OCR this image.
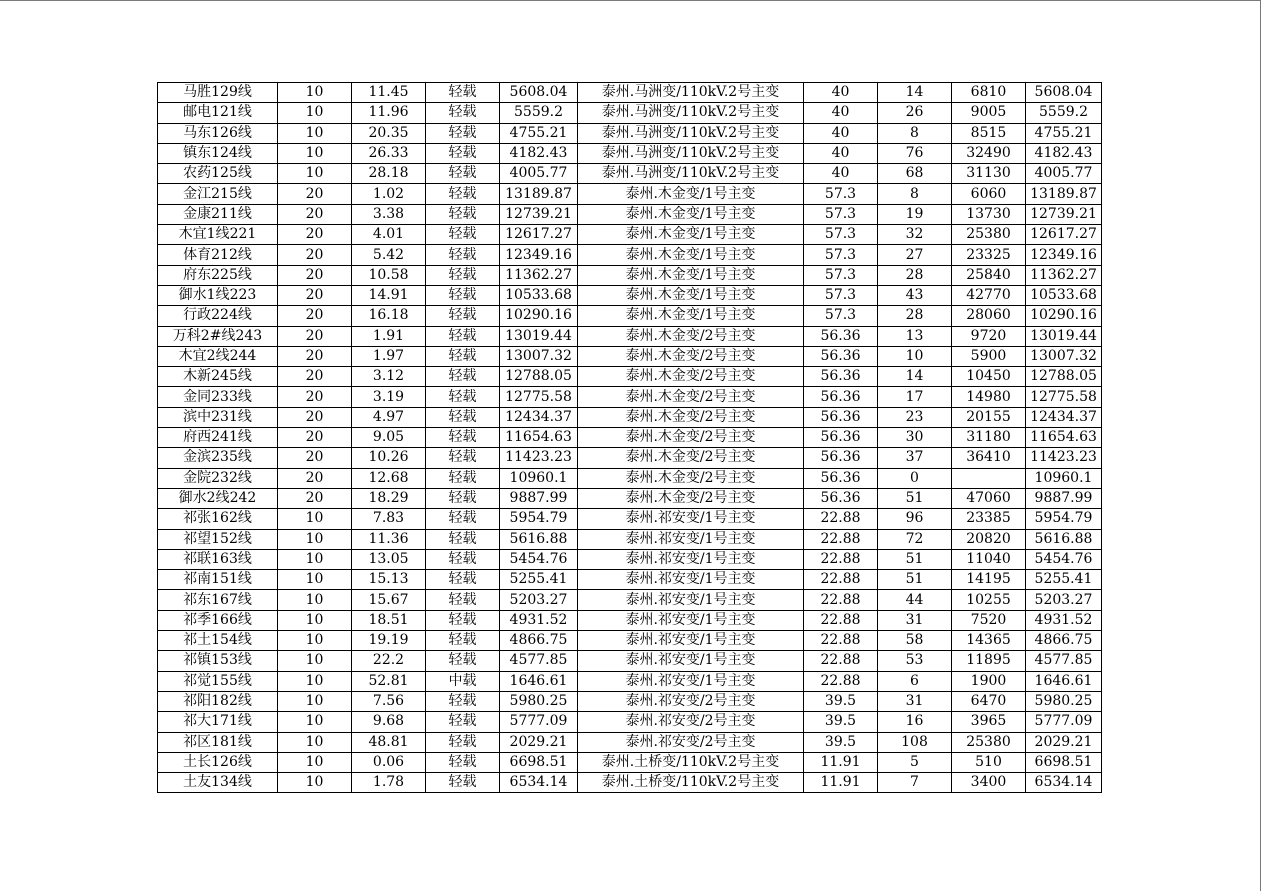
马胜129线	10	11.45	轻载	5608.04	泰州.马洲变/110kV.2号主变	40	14	6810	5608.04
邮电121线	10	11.96	轻载	5559.2	泰州.马洲变/110kV.2号主变	40	26	9005	5559.2
马东126线	10	20.35	轻载	4755.21	泰州.马洲变/110kV.2号主变	40	8	8515	4755.21
镇东124线	10	26.33	轻载	4182.43	泰州.马洲变/110kV.2号主变	40	76	32490	4182.43
农药125线	10	28.18	轻载	4005.77	泰州.马洲变/110kV.2号主变	40	68	31130	4005.77
金江215线	20	1.02	轻载	13189.87	泰州.木金变/1号主变	57.3	8	6060	13189.87
金康211线	20	3.38	轻载	12739.21	泰州.木金变/1号主变	57.3	19	13730	12739.21
木宜1线221	20	4.01	轻载	12617.27	泰州.木金变/1号主变	57.3	32	25380	12617.27
体育212线	20	5.42	轻载	12349.16	泰州.木金变/1号主变	57.3	27	23325	12349.16
府东225线	20	10.58	轻载	11362.27	泰州.木金变/1号主变	57.3	28	25840	11362.27
御水1线223	20	14.91	轻载	10533.68	泰州.木金变/1号主变	57.3	43	42770	10533.68
行政224线	20	16.18	轻载	10290.16	泰州.木金变/1号主变	57.3	28	28060	10290.16
万科2#线243	20	1.91	轻载	13019.44	泰州.木金变/2号主变	56.36	13	9720	13019.44
木宜2线244	20	1.97	轻载	13007.32	泰州.木金变/2号主变	56.36	10	5900	13007.32
木新245线	20	3.12	轻载	12788.05	泰州.木金变/2号主变	56.36	14	10450	12788.05
金同233线	20	3.19	轻载	12775.58	泰州.木金变/2号主变	56.36	17	14980	12775.58
滨中231线	20	4.97	轻载	12434.37	泰州.木金变/2号主变	56.36	23	20155	12434.37
府西241线	20	9.05	轻载	11654.63	泰州.木金变/2号主变	56.36	30	31180	11654.63
金滨235线	20	10.26	轻载	11423.23	泰州.木金变/2号主变	56.36	37	36410	11423.23
金院232线	20	12.68	轻载	10960.1	泰州.木金变/2号主变	56.36	0		10960.1
御水2线242	20	18.29	轻载	9887.99	泰州.木金变/2号主变	56.36	51	47060	9887.99
祁张162线	10	7.83	轻载	5954.79	泰州.祁安变/1号主变	22.88	96	23385	5954.79
祁望152线	10	11.36	轻载	5616.88	泰州.祁安变/1号主变	22.88	72	20820	5616.88
祁联163线	10	13.05	轻载	5454.76	泰州.祁安变/1号主变	22.88	51	11040	5454.76
祁南151线	10	15.13	轻载	5255.41	泰州.祁安变/1号主变	22.88	51	14195	5255.41
祁东167线	10	15.67	轻载	5203.27	泰州.祁安变/1号主变	22.88	44	10255	5203.27
祁季166线	10	18.51	轻载	4931.52	泰州.祁安变/1号主变	22.88	31	7520	4931.52
祁土154线	10	19.19	轻载	4866.75	泰州.祁安变/1号主变	22.88	58	14365	4866.75
祁镇153线	10	22.2	轻载	4577.85	泰州.祁安变/1号主变	22.88	53	11895	4577.85
祁觉155线	10	52.81	中载	1646.61	泰州.祁安变/1号主变	22.88	6	1900	1646.61
祁阳182线	10	7.56	轻载	5980.25	泰州.祁安变/2号主变	39.5	31	6470	5980.25
祁大171线	10	9.68	轻载	5777.09	泰州.祁安变/2号主变	39.5	16	3965	5777.09
祁区181线	10	48.81	轻载	2029.21	泰州.祁安变/2号主变	39.5	108	25380	2029.21
土长126线	10	0.06	轻载	6698.51	泰州.土桥变/110kV.2号主变	11.91	5	510	6698.51
土友134线	10	1.78	轻载	6534.14	泰州.土桥变/110kV.2号主变	11.91	7	3400	6534.14
